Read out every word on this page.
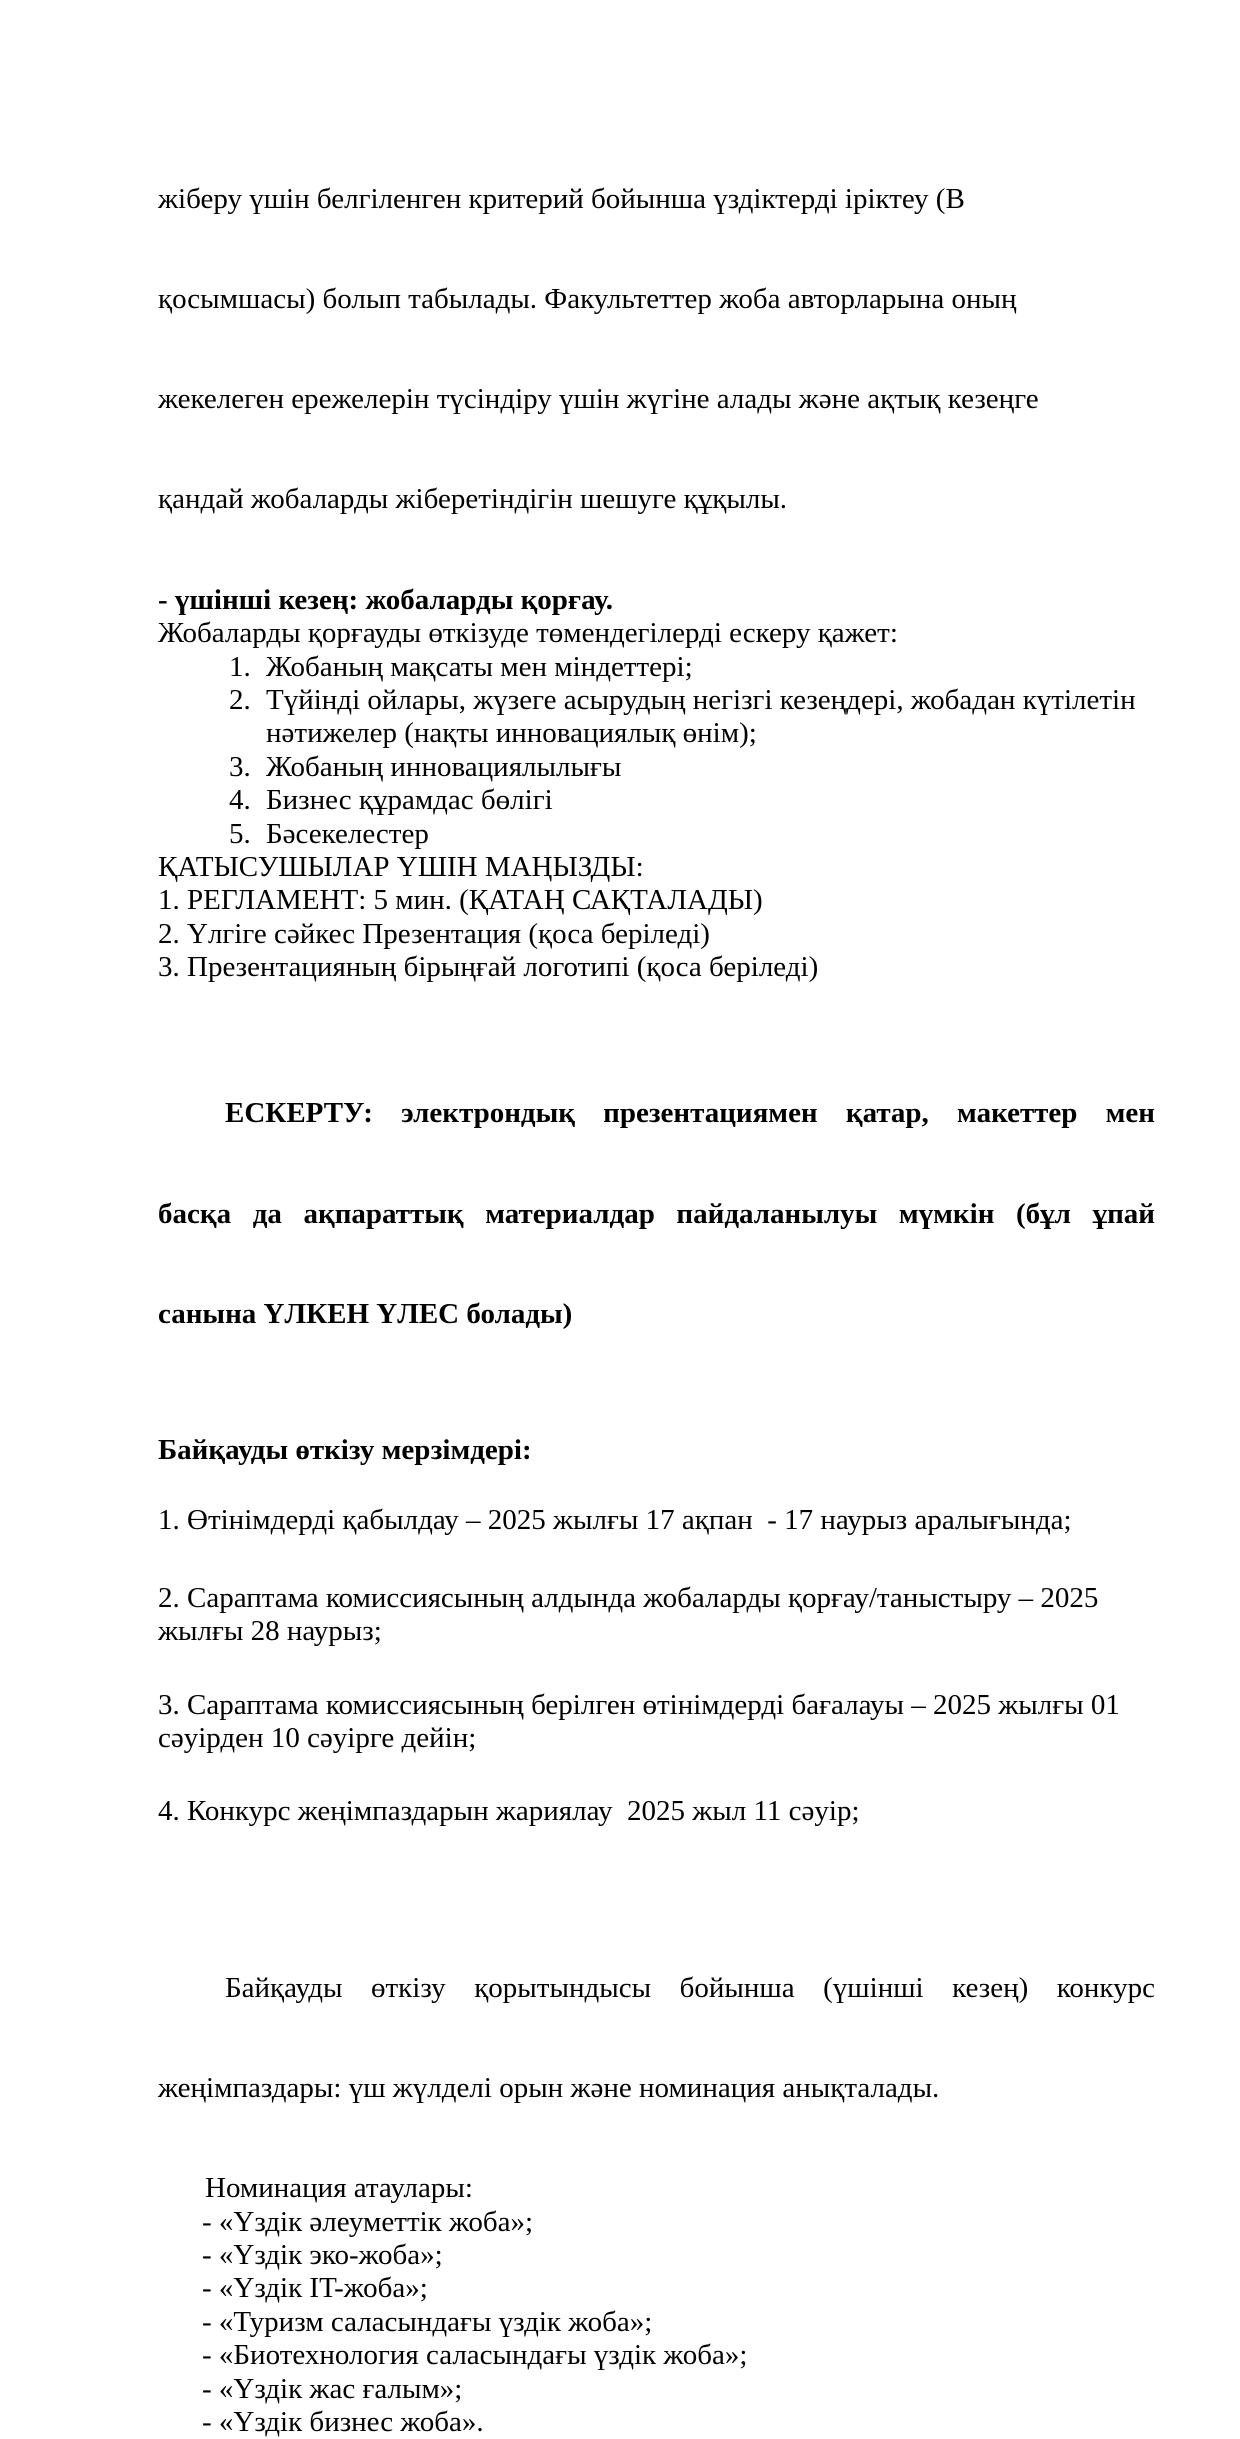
жіберу үшін белгіленген критерий бойынша үздіктерді іріктеу (В

қосымшасы) болып табылады. Факультеттер жоба авторларына оның

жекелеген ережелерін түсіндіру үшін жүгіне алады және ақтық кезеңге

қандай жобаларды жіберетіндігін шешуге құқылы.

- үшінші кезең: жобаларды қорғау.
Жобаларды қорғауды өткізуде төмендегілерді ескеру қажет:
1. Жобаның мақсаты мен міндеттері;
2. Түйінді ойлары, жүзеге асырудың негізгі кезеңдері, жобадан күтілетін нәтижелер (нақты инновациялық өнім);
3. Жобаның инновациялылығы
4. Бизнес құрамдас бөлігі
5. Бәсекелестер
ҚАТЫСУШЫЛАР ҮШІН МАҢЫЗДЫ:
1. РЕГЛАМЕНТ: 5 мин. (ҚАТАҢ САҚТАЛАДЫ)
2. Үлгіге сәйкес Презентация (қоса беріледі)
3. Презентацияның бірыңғай логотипі (қоса беріледі)

ЕСКЕРТУ: электрондық презентациямен қатар, макеттер мен

басқа да ақпараттық материалдар пайдаланылуы мүмкін (бұл ұпай

санына ҮЛКЕН ҮЛЕС болады)

Байқауды өткізу мерзімдері:
1. Өтінімдерді қабылдау – 2025 жылғы 17 ақпан  - 17 наурыз аралығында;
2. Сараптама комиссиясының алдында жобаларды қорғау/таныстыру – 2025 жылғы 28 наурыз;
3. Сараптама комиссиясының берілген өтінімдерді бағалауы – 2025 жылғы 01 сәуірден 10 сәуірге дейін;
4. Конкурс жеңімпаздарын жариялау  2025 жыл 11 сәуір;

Байқауды өткізу қорытындысы бойынша (үшінші кезең) конкурс

жеңімпаздары: үш жүлделі орын және номинация анықталады.

Номинация атаулары:
- «Үздік әлеуметтік жоба»;
- «Үздік эко-жоба»;
- «Үздік IT-жоба»;
- «Туризм саласындағы үздік жоба»;
- «Биотехнология саласындағы үздік жоба»;
- «Үздік жас ғалым»;
- «Үздік бизнес жоба».
